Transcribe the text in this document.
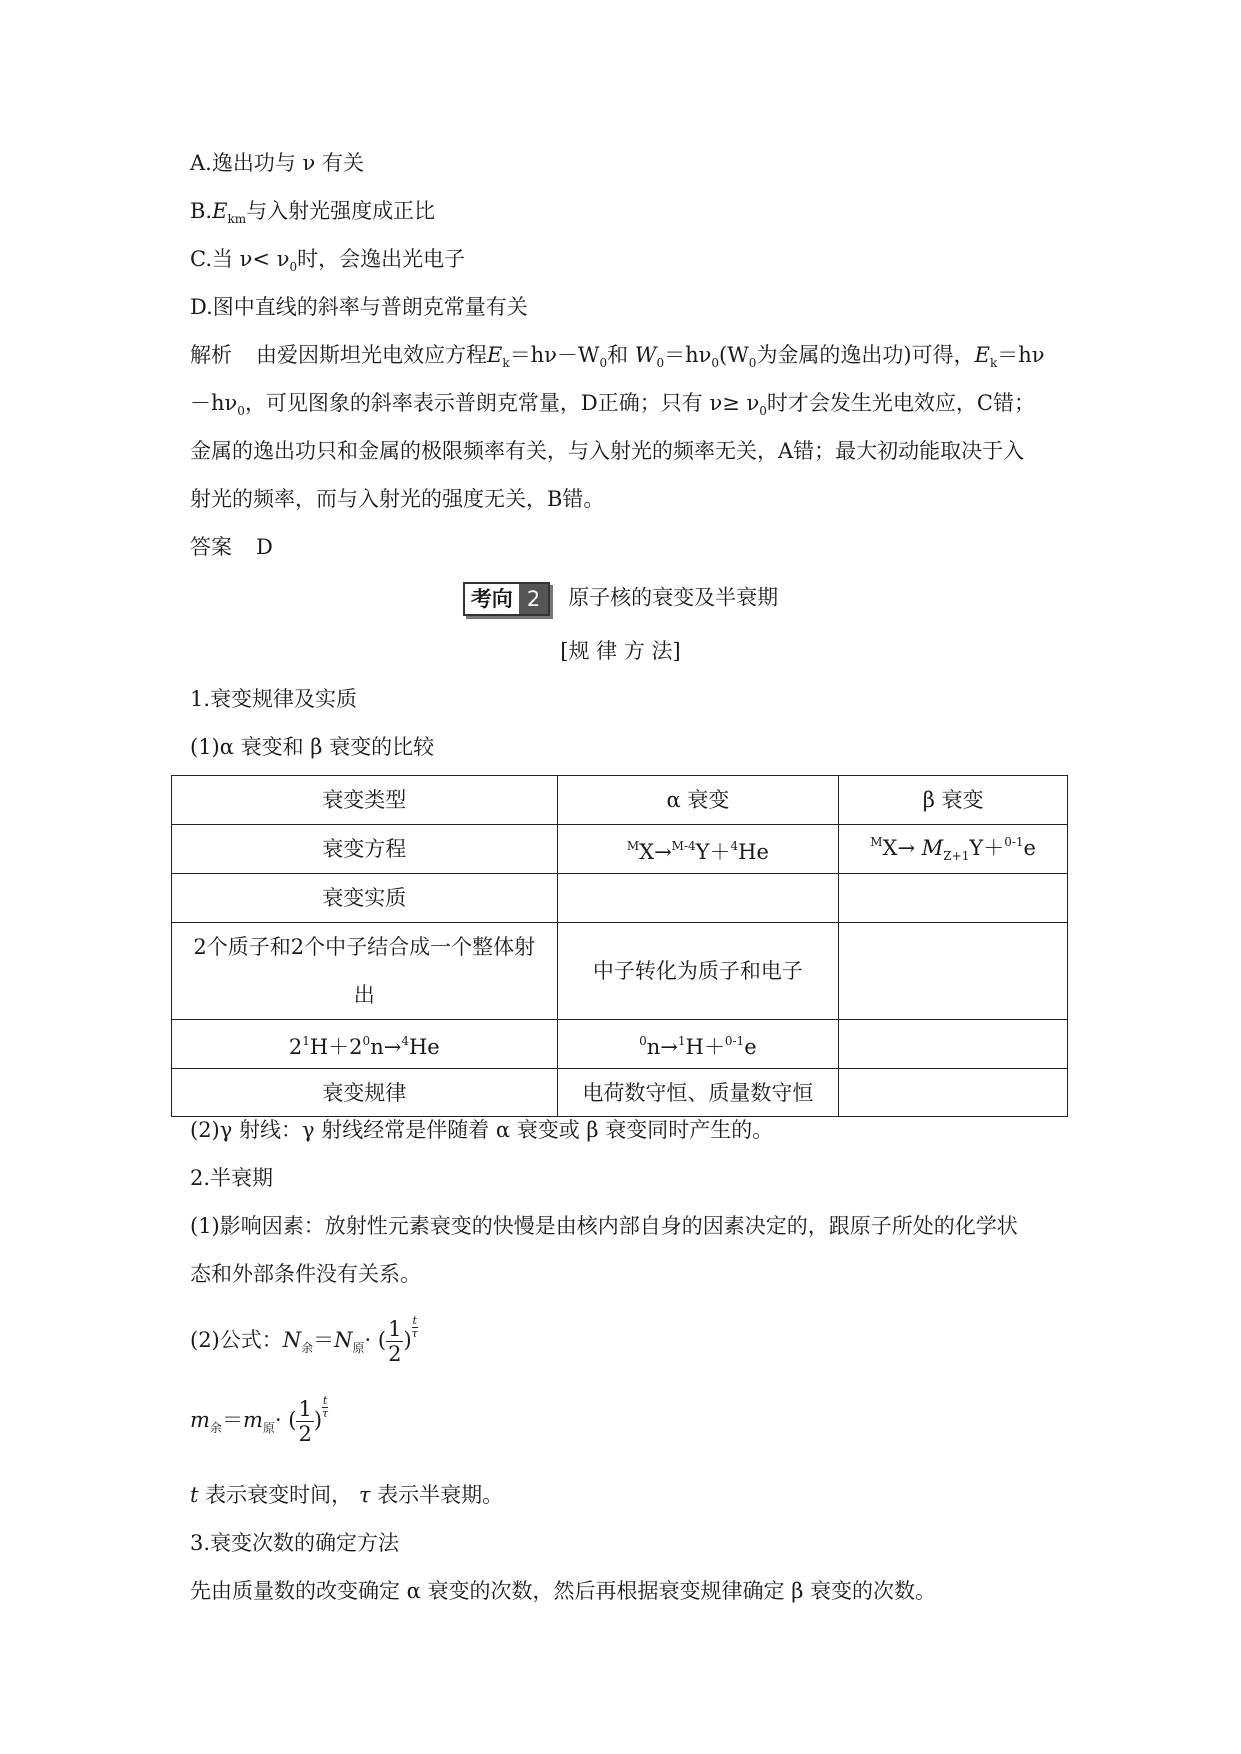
A.逸出功与 ν 有关
$B.E_{km}$与入射光强度成正比
C.当 $\nu< \nu_0$时，会逸出光电子
D.图中直线的斜率与普朗克常量有关
解析 由爱因斯坦光电效应方程$E_k=h\nu-W_0$和 $W_0=h\nu_0(W_0$为金属的逸出功)可得，$E_k=h\nu$
$-h\nu_0$，可见图象的斜率表示普朗克常量，D正确；只有 $\nu\ge \nu_0$时才会发生光电效应，C错；
金属的逸出功只和金属的极限频率有关，与入射光的频率无关，A错；最大初动能取决于入
射光的频率，而与入射光的强度无关，B错。
答案 D
考向 2 原子核的衰变及半衰期
[规 律 方 法]
1.衰变规律及实质
(1)α 衰变和 β 衰变的比较
衰变类型	α 衰变	β 衰变
衰变方程	$^M$X→$^{M-4}$Y＋$^4$He	$^MX\to M_{Z+1}Y+^{0-1}e$
衰变实质		
2个质子和2个中子结合成一个整体射出	中子转化为质子和电子	
$2^1H+2^0n\to^4He$	$^0$n→$^1$H＋$^{0-1}$e	
衰变规律	电荷数守恒、质量数守恒	
(2)γ 射线：γ 射线经常是伴随着 α 衰变或 β 衰变同时产生的。
2.半衰期
(1)影响因素：放射性元素衰变的快慢是由核内部自身的因素决定的，跟原子所处的化学状
态和外部条件没有关系。
(2)公式：$N_余=N_原\cdot$ ( $\frac{1}{2}$ ) $\frac{t}{\tau}$
$m_余=m_原\cdot$ ( $\frac{1}{2}$ ) $\frac{t}{\tau}$
t 表示衰变时间， τ 表示半衰期。
3.衰变次数的确定方法
先由质量数的改变确定 α 衰变的次数，然后再根据衰变规律确定 β 衰变的次数。
